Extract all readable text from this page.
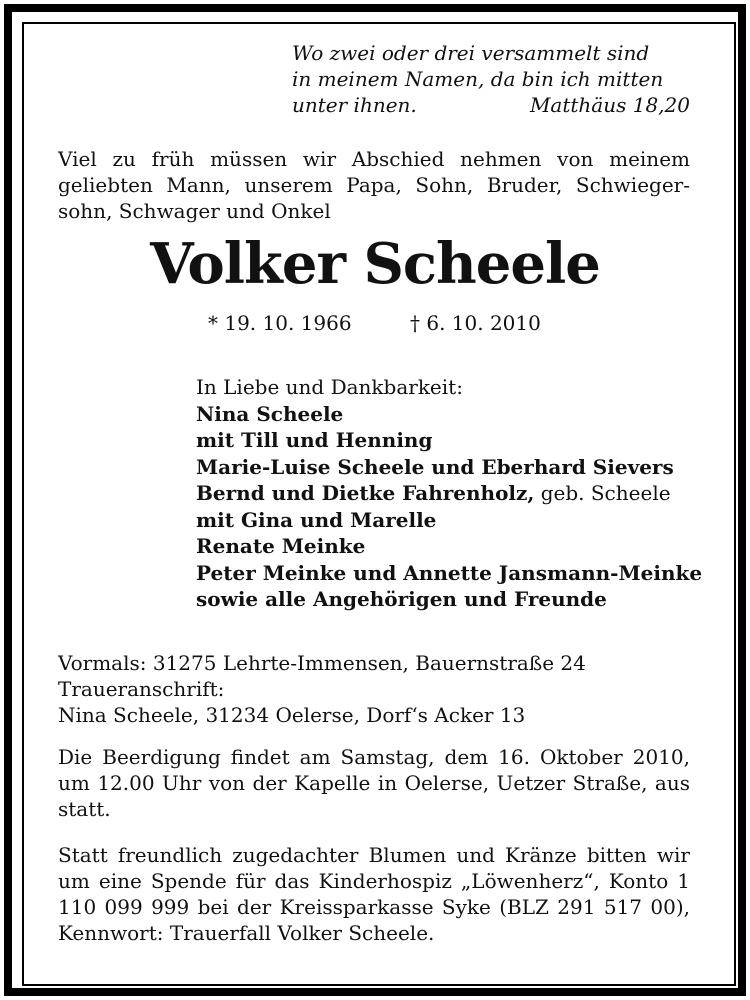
Wo zwei oder drei versammelt sind
in meinem Namen, da bin ich mitten
unter ihnen.	Matthäus 18,20
Viel zu früh müssen wir Abschied nehmen von meinem geliebten Mann, unserem Papa, Sohn, Bruder, Schwiegersohn, Schwager und Onkel
Volker Scheele
* 19. 10. 1966	† 6. 10. 2010
In Liebe und Dankbarkeit:
Nina Scheele
mit Till und Henning
Marie-Luise Scheele und Eberhard Sievers
Bernd und Dietke Fahrenholz, geb. Scheele
mit Gina und Marelle
Renate Meinke
Peter Meinke und Annette Jansmann-Meinke
sowie alle Angehörigen und Freunde
Vormals: 31275 Lehrte-Immensen, Bauernstraße 24
Traueranschrift:
Nina Scheele, 31234 Oelerse, Dorf‘s Acker 13
Die Beerdigung findet am Samstag, dem 16. Oktober 2010, um 12.00 Uhr von der Kapelle in Oelerse, Uetzer Straße, aus statt.
Statt freundlich zugedachter Blumen und Kränze bitten wir um eine Spende für das Kinderhospiz „Löwenherz“, Konto 1 110 099 999 bei der Kreissparkasse Syke (BLZ 291 517 00), Kennwort: Trauerfall Volker Scheele.
